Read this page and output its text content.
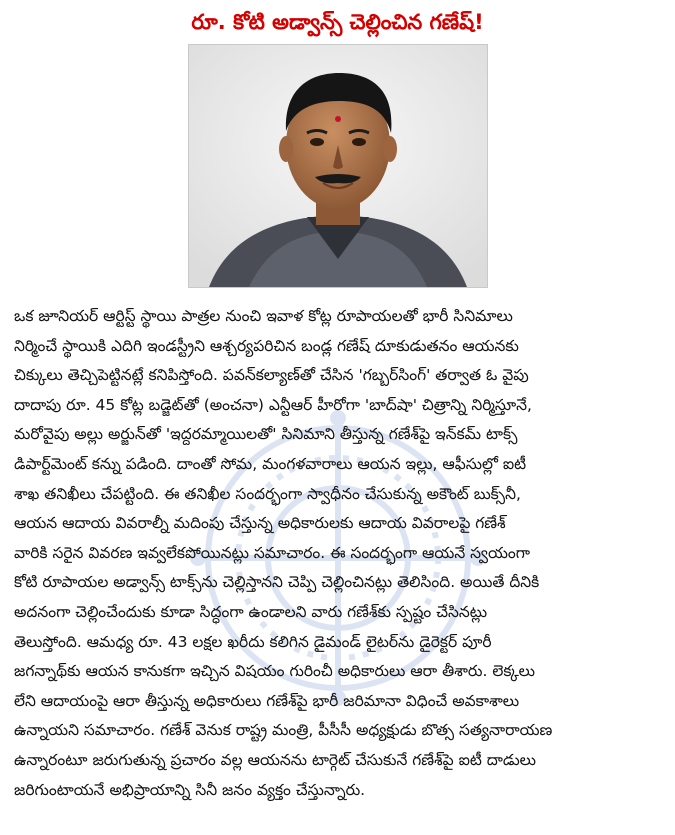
రూ. కోటి అడ్వాన్స్ చెల్లించిన గణేష్!
ఒక జూనియర్ ఆర్టిస్ట్ స్థాయి పాత్రల నుంచి ఇవాళ కోట్ల రూపాయలతో భారీ సినిమాలు
నిర్మించే స్థాయికి ఎదిగి ఇండస్ట్రీని ఆశ్చర్యపరిచిన బండ్ల గణేష్ దూకుడుతనం ఆయనకు
చిక్కులు తెచ్చిపెట్టినట్లే కనిపిస్తోంది. పవన్‌కల్యాణ్‌తో చేసిన 'గబ్బర్‌సింగ్' తర్వాత ఓ వైపు
దాదాపు రూ. 45 కోట్ల బడ్జెట్‌తో (అంచనా) ఎన్టీఆర్ హీరోగా 'బాద్‌షా' చిత్రాన్ని నిర్మిస్తూనే,
మరోవైపు అల్లు అర్జున్‌తో 'ఇద్దరమ్మాయిలతో' సినిమాని తీస్తున్న గణేశ్‌పై ఇన్‌కమ్ టాక్స్
డిపార్ట్‌మెంట్ కన్ను పడింది. దాంతో సోమ, మంగళవారాలు ఆయన ఇల్లు, ఆఫీసుల్లో ఐటీ
శాఖ తనిఖీలు చేపట్టింది. ఈ తనిఖీల సందర్భంగా స్వాధీనం చేసుకున్న అకౌంట్ బుక్స్‌నీ,
ఆయన ఆదాయ వివరాల్నీ మదింపు చేస్తున్న అధికారులకు ఆదాయ వివరాలపై గణేశ్
వారికి సరైన వివరణ ఇవ్వలేకపోయినట్లు సమాచారం. ఈ సందర్భంగా ఆయనే స్వయంగా
కోటి రూపాయల అడ్వాన్స్ టాక్స్‌ను చెల్లిస్తానని చెప్పి చెల్లించినట్లు తెలిసింది. అయితే దీనికి
అదనంగా చెల్లించేందుకు కూడా సిద్ధంగా ఉండాలని వారు గణేశ్‌కు స్పష్టం చేసినట్లు
తెలుస్తోంది. ఆమధ్య రూ. 43 లక్షల ఖరీదు కలిగిన డైమండ్ లైటర్‌ను డైరెక్టర్ పూరీ
జగన్నాథ్‌కు ఆయన కానుకగా ఇచ్చిన విషయం గురించీ అధికారులు ఆరా తీశారు. లెక్కలు
లేని ఆదాయంపై ఆరా తీస్తున్న అధికారులు గణేశ్‌పై భారీ జరిమానా విధించే అవకాశాలు
ఉన్నాయని సమాచారం. గణేశ్ వెనుక రాష్ట్ర మంత్రి, పీసీసీ అధ్యక్షుడు బొత్స సత్యనారాయణ
ఉన్నారంటూ జరుగుతున్న ప్రచారం వల్ల ఆయనను టార్గెట్ చేసుకునే గణేశ్‌పై ఐటీ దాడులు
జరిగుంటాయనే అభిప్రాయాన్ని సినీ జనం వ్యక్తం చేస్తున్నారు.
